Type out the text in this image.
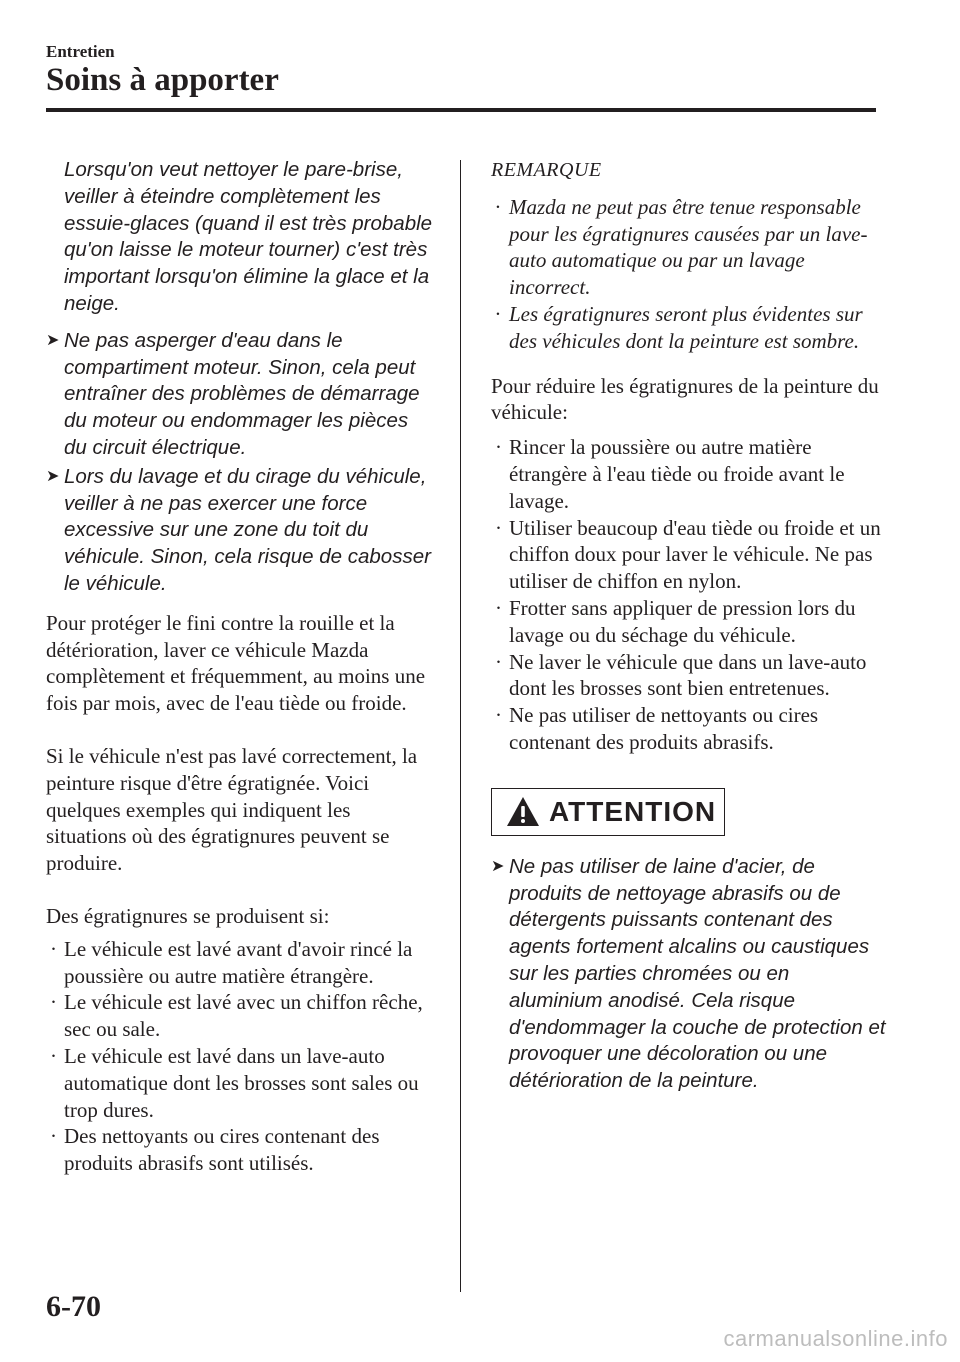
Entretien
Soins à apporter

Lorsqu'on veut nettoyer le pare-brise, veiller à éteindre complètement les essuie-glaces (quand il est très probable qu'on laisse le moteur tourner) c'est très important lorsqu'on élimine la glace et la neige.

➤ Ne pas asperger d'eau dans le compartiment moteur. Sinon, cela peut entraîner des problèmes de démarrage du moteur ou endommager les pièces du circuit électrique.
➤ Lors du lavage et du cirage du véhicule, veiller à ne pas exercer une force excessive sur une zone du toit du véhicule. Sinon, cela risque de cabosser le véhicule.

Pour protéger le fini contre la rouille et la détérioration, laver ce véhicule Mazda complètement et fréquemment, au moins une fois par mois, avec de l'eau tiède ou froide.

Si le véhicule n'est pas lavé correctement, la peinture risque d'être égratignée. Voici quelques exemples qui indiquent les situations où des égratignures peuvent se produire.

Des égratignures se produisent si:

· Le véhicule est lavé avant d'avoir rincé la poussière ou autre matière étrangère.
· Le véhicule est lavé avec un chiffon rêche, sec ou sale.
· Le véhicule est lavé dans un lave-auto automatique dont les brosses sont sales ou trop dures.
· Des nettoyants ou cires contenant des produits abrasifs sont utilisés.

REMARQUE

· Mazda ne peut pas être tenue responsable pour les égratignures causées par un lave-auto automatique ou par un lavage incorrect.
· Les égratignures seront plus évidentes sur des véhicules dont la peinture est sombre.

Pour réduire les égratignures de la peinture du véhicule:

· Rincer la poussière ou autre matière étrangère à l'eau tiède ou froide avant le lavage.
· Utiliser beaucoup d'eau tiède ou froide et un chiffon doux pour laver le véhicule. Ne pas utiliser de chiffon en nylon.
· Frotter sans appliquer de pression lors du lavage ou du séchage du véhicule.
· Ne laver le véhicule que dans un lave-auto dont les brosses sont bien entretenues.
· Ne pas utiliser de nettoyants ou cires contenant des produits abrasifs.
ATTENTION
➤ Ne pas utiliser de laine d'acier, de produits de nettoyage abrasifs ou de détergents puissants contenant des agents fortement alcalins ou caustiques sur les parties chromées ou en aluminium anodisé. Cela risque d'endommager la couche de protection et provoquer une décoloration ou une détérioration de la peinture.
6-70
carmanualsonline.info
